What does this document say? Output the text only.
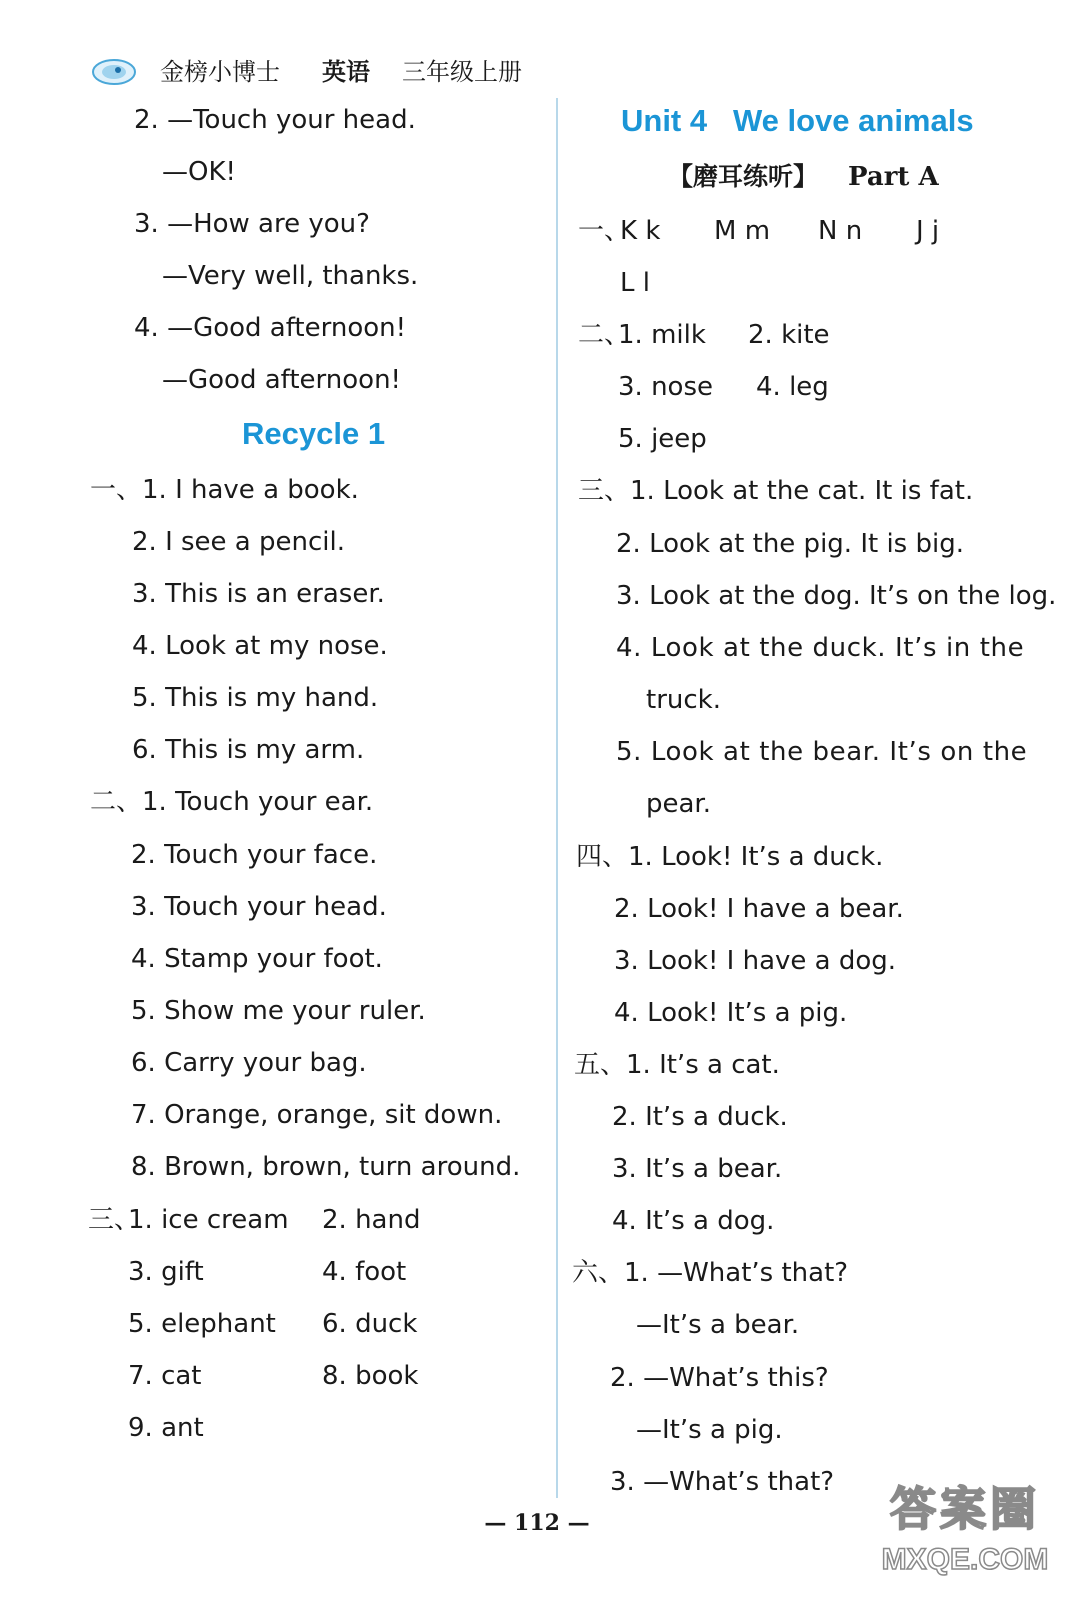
金榜小博士 英语 三年级上册
2. —Touch your head.
—OK!
3. —How are you?
—Very well, thanks.
4. —Good afternoon!
—Good afternoon!
Recycle 1
一、1. I have a book.
2. I see a pencil.
3. This is an eraser.
4. Look at my nose.
5. This is my hand.
6. This is my arm.
二、1. Touch your ear.
2. Touch your face.
3. Touch your head.
4. Stamp your foot.
5. Show me your ruler.
6. Carry your bag.
7. Orange, orange, sit down.
8. Brown, brown, turn around.
三、
1. ice cream 2. hand
3. gift	4. foot
5. elephant 6. duck
7. cat	8. book
9. ant
Unit 4   We love animals
【磨耳练听】 Part A
一、
K k M m N n J j
L l
二、
1. milk 2. kite
3. nose 4. leg
5. jeep
三、1. Look at the cat. It is fat.
2. Look at the pig. It is big.
3. Look at the dog. It’s on the log.
4. Look at the duck. It’s in the
truck.
5. Look at the bear. It’s on the
pear.
四、1. Look! It’s a duck.
2. Look! I have a bear.
3. Look! I have a dog.
4. Look! It’s a pig.
五、1. It’s a cat.
2. It’s a duck.
3. It’s a bear.
4. It’s a dog.
六、1. —What’s that?
—It’s a bear.
2. —What’s this?
—It’s a pig.
3. —What’s that?
— 112 —	答案圈
MXQE.COM
